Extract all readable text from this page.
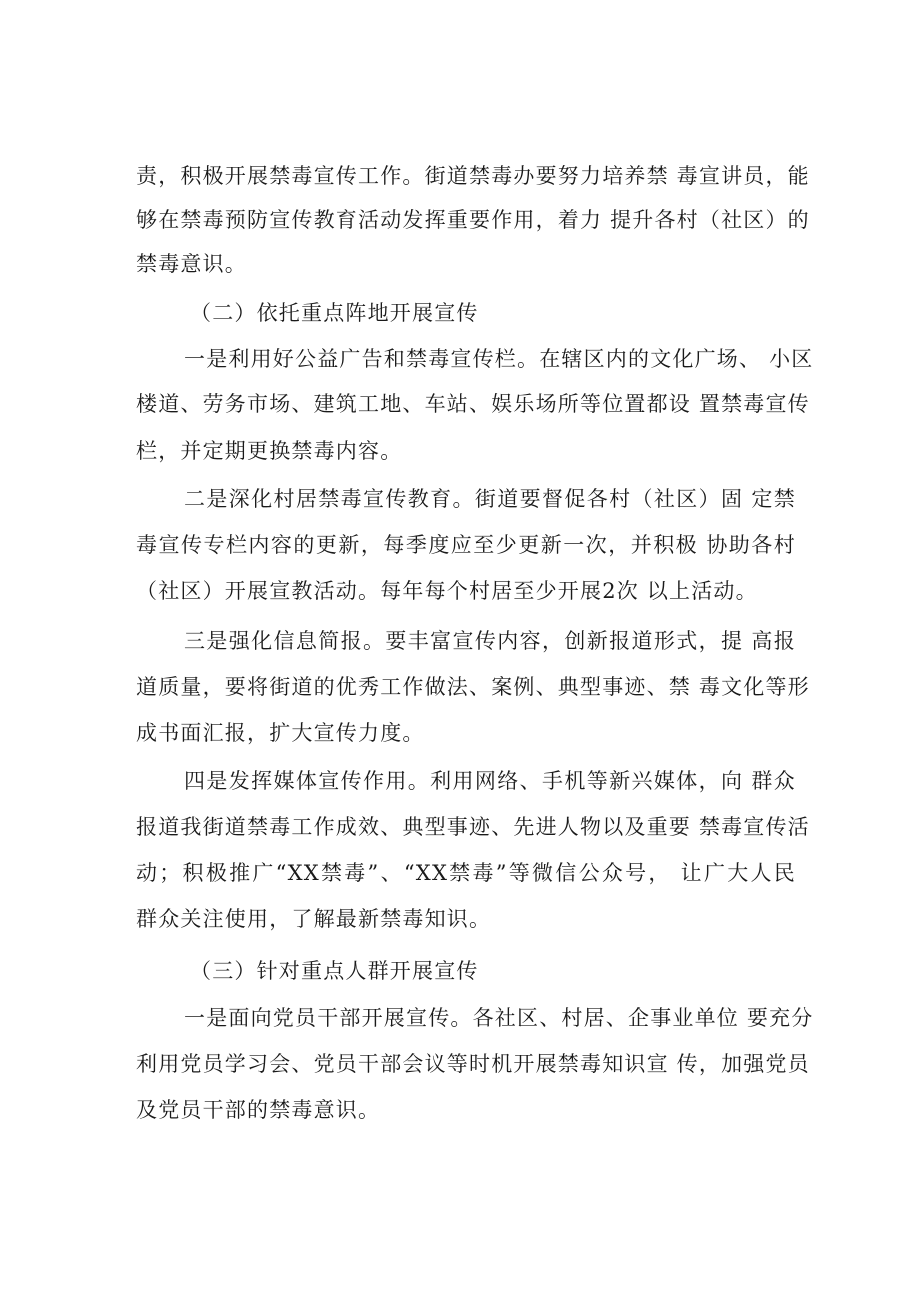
责，积极开展禁毒宣传工作。街道禁毒办要努力培养禁 毒宣讲员，能
够在禁毒预防宣传教育活动发挥重要作用，着力 提升各村（社区）的
禁毒意识。
（二）依托重点阵地开展宣传
一是利用好公益广告和禁毒宣传栏。在辖区内的文化广场、 小区
楼道、劳务市场、建筑工地、车站、娱乐场所等位置都设 置禁毒宣传
栏，并定期更换禁毒内容。
二是深化村居禁毒宣传教育。街道要督促各村（社区）固 定禁
毒宣传专栏内容的更新，每季度应至少更新一次，并积极 协助各村
（社区）开展宣教活动。每年每个村居至少开展2次 以上活动。
三是强化信息简报。要丰富宣传内容，创新报道形式，提 高报
道质量，要将街道的优秀工作做法、案例、典型事迹、禁 毒文化等形
成书面汇报，扩大宣传力度。
四是发挥媒体宣传作用。利用网络、手机等新兴媒体，向 群众
报道我街道禁毒工作成效、典型事迹、先进人物以及重要 禁毒宣传活
动；积极推广“XX禁毒”、“XX禁毒”等微信公众号， 让广大人民
群众关注使用，了解最新禁毒知识。
（三）针对重点人群开展宣传
一是面向党员干部开展宣传。各社区、村居、企事业单位 要充分
利用党员学习会、党员干部会议等时机开展禁毒知识宣 传，加强党员
及党员干部的禁毒意识。
